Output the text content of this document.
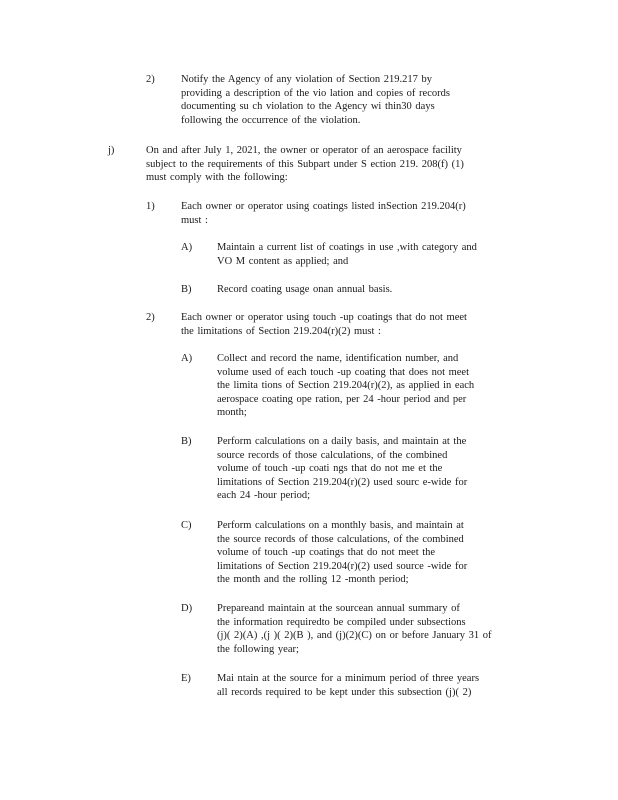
2)	Notify the Agency of any violation of Section 219.217 by
providing a description of the vio lation and copies of records
documenting su ch violation to the Agency wi thin30 days
following the occurrence of the violation.
j)	On and after July 1, 2021, the owner or operator of an aerospace facility
subject to the requirements of this Subpart under S ection 219. 208(f) (1)
must comply with the following:
1)	Each owner or operator using coatings listed inSection 219.204(r)
must :
A) Maintain a current list of coatings in use ,with category and
VO M content as applied; and
B) Record coating usage onan annual basis.
2)	Each owner or operator using touch -up coatings that do not meet
the limitations of Section 219.204(r)(2) must :
A) Collect and record the name, identification number, and
volume used of each touch -up coating that does not meet
the limita tions of Section 219.204(r)(2), as applied in each
aerospace coating ope ration, per 24 -hour period and per
month;
B) Perform calculations on a daily basis, and maintain at the
source records of those calculations, of the combined
volume of touch -up coati ngs that do not me et the
limitations of Section 219.204(r)(2) used sourc e-wide for
each 24 -hour period;
C) Perform calculations on a monthly basis, and maintain at
the source records of those calculations, of the combined
volume of touch -up coatings that do not meet the
limitations of Section 219.204(r)(2) used source -wide for
the month and the rolling 12 -month period;
D) Prepareand maintain at the sourcean annual summary of
the information requiredto be compiled under subsections
(j)( 2)(A) ,(j )( 2)(B ), and (j)(2)(C) on or before January 31 of
the following year;
E) Mai ntain at the source for a minimum period of three years
all records required to be kept under this subsection (j)( 2)
